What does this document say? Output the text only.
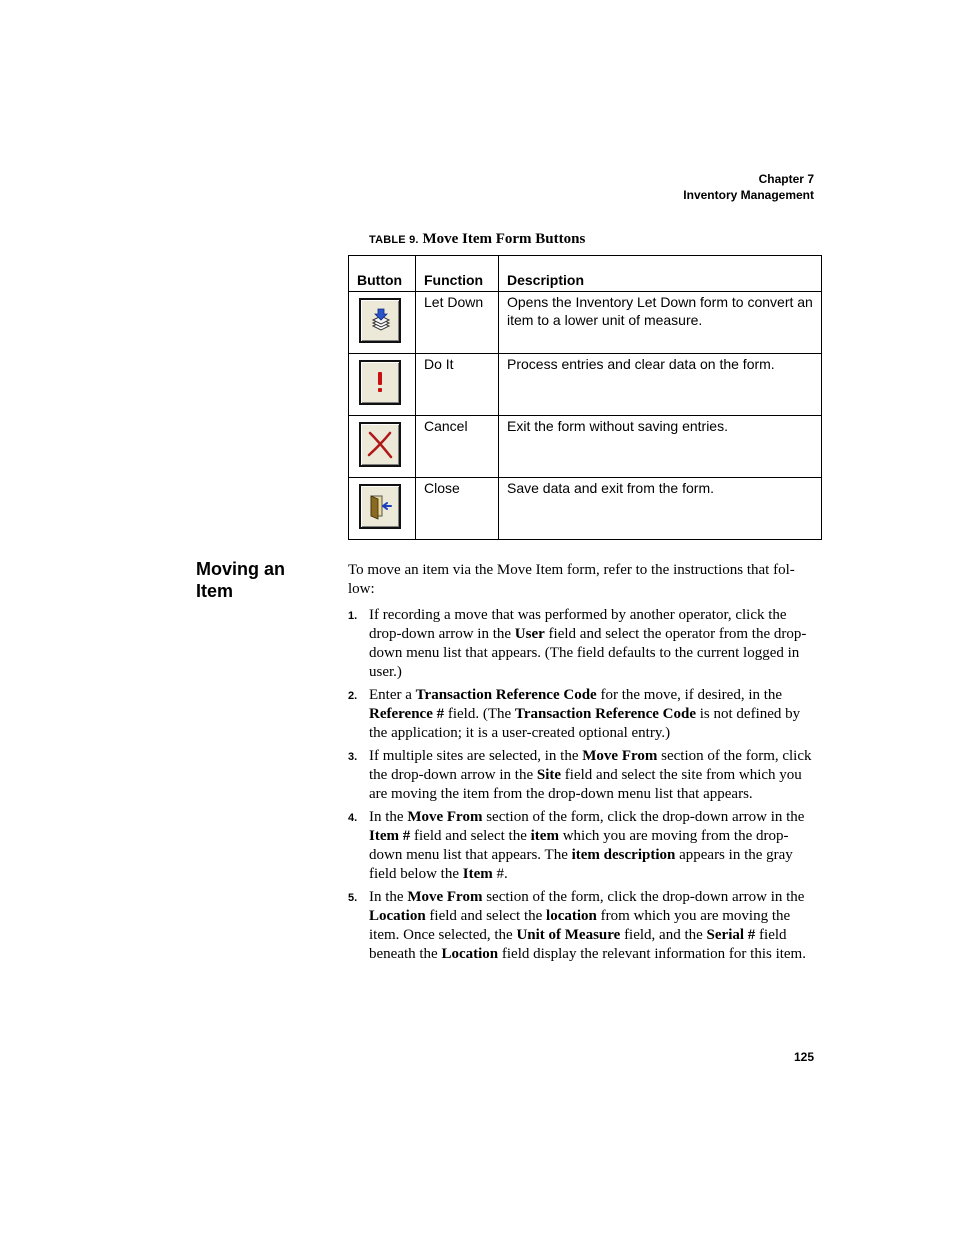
Chapter 7
Inventory Management
TABLE 9. Move Item Form Buttons
Button	Function	Description

	Let Down	Opens the Inventory Let Down form to convert an item to a lower unit of measure.

	Do It	Process entries and clear data on the form.

	Cancel	Exit the form without saving entries.

	Close	Save data and exit from the form.
Moving an
Item
To move an item via the Move Item form, refer to the instructions that fol-low:
1. If recording a move that was performed by another operator, click the drop-down arrow in the User field and select the operator from the drop-down menu list that appears. (The field defaults to the current logged in user.)
2. Enter a Transaction Reference Code for the move, if desired, in the Reference # field. (The Transaction Reference Code is not defined by the application; it is a user-created optional entry.)
3. If multiple sites are selected, in the Move From section of the form, click the drop-down arrow in the Site field and select the site from which you are moving the item from the drop-down menu list that appears.
4. In the Move From section of the form, click the drop-down arrow in the Item # field and select the item which you are moving from the drop-down menu list that appears. The item description appears in the gray field below the Item #.
5. In the Move From section of the form, click the drop-down arrow in the Location field and select the location from which you are moving the item. Once selected, the Unit of Measure field, and the Serial # field beneath the Location field display the relevant information for this item.
125
